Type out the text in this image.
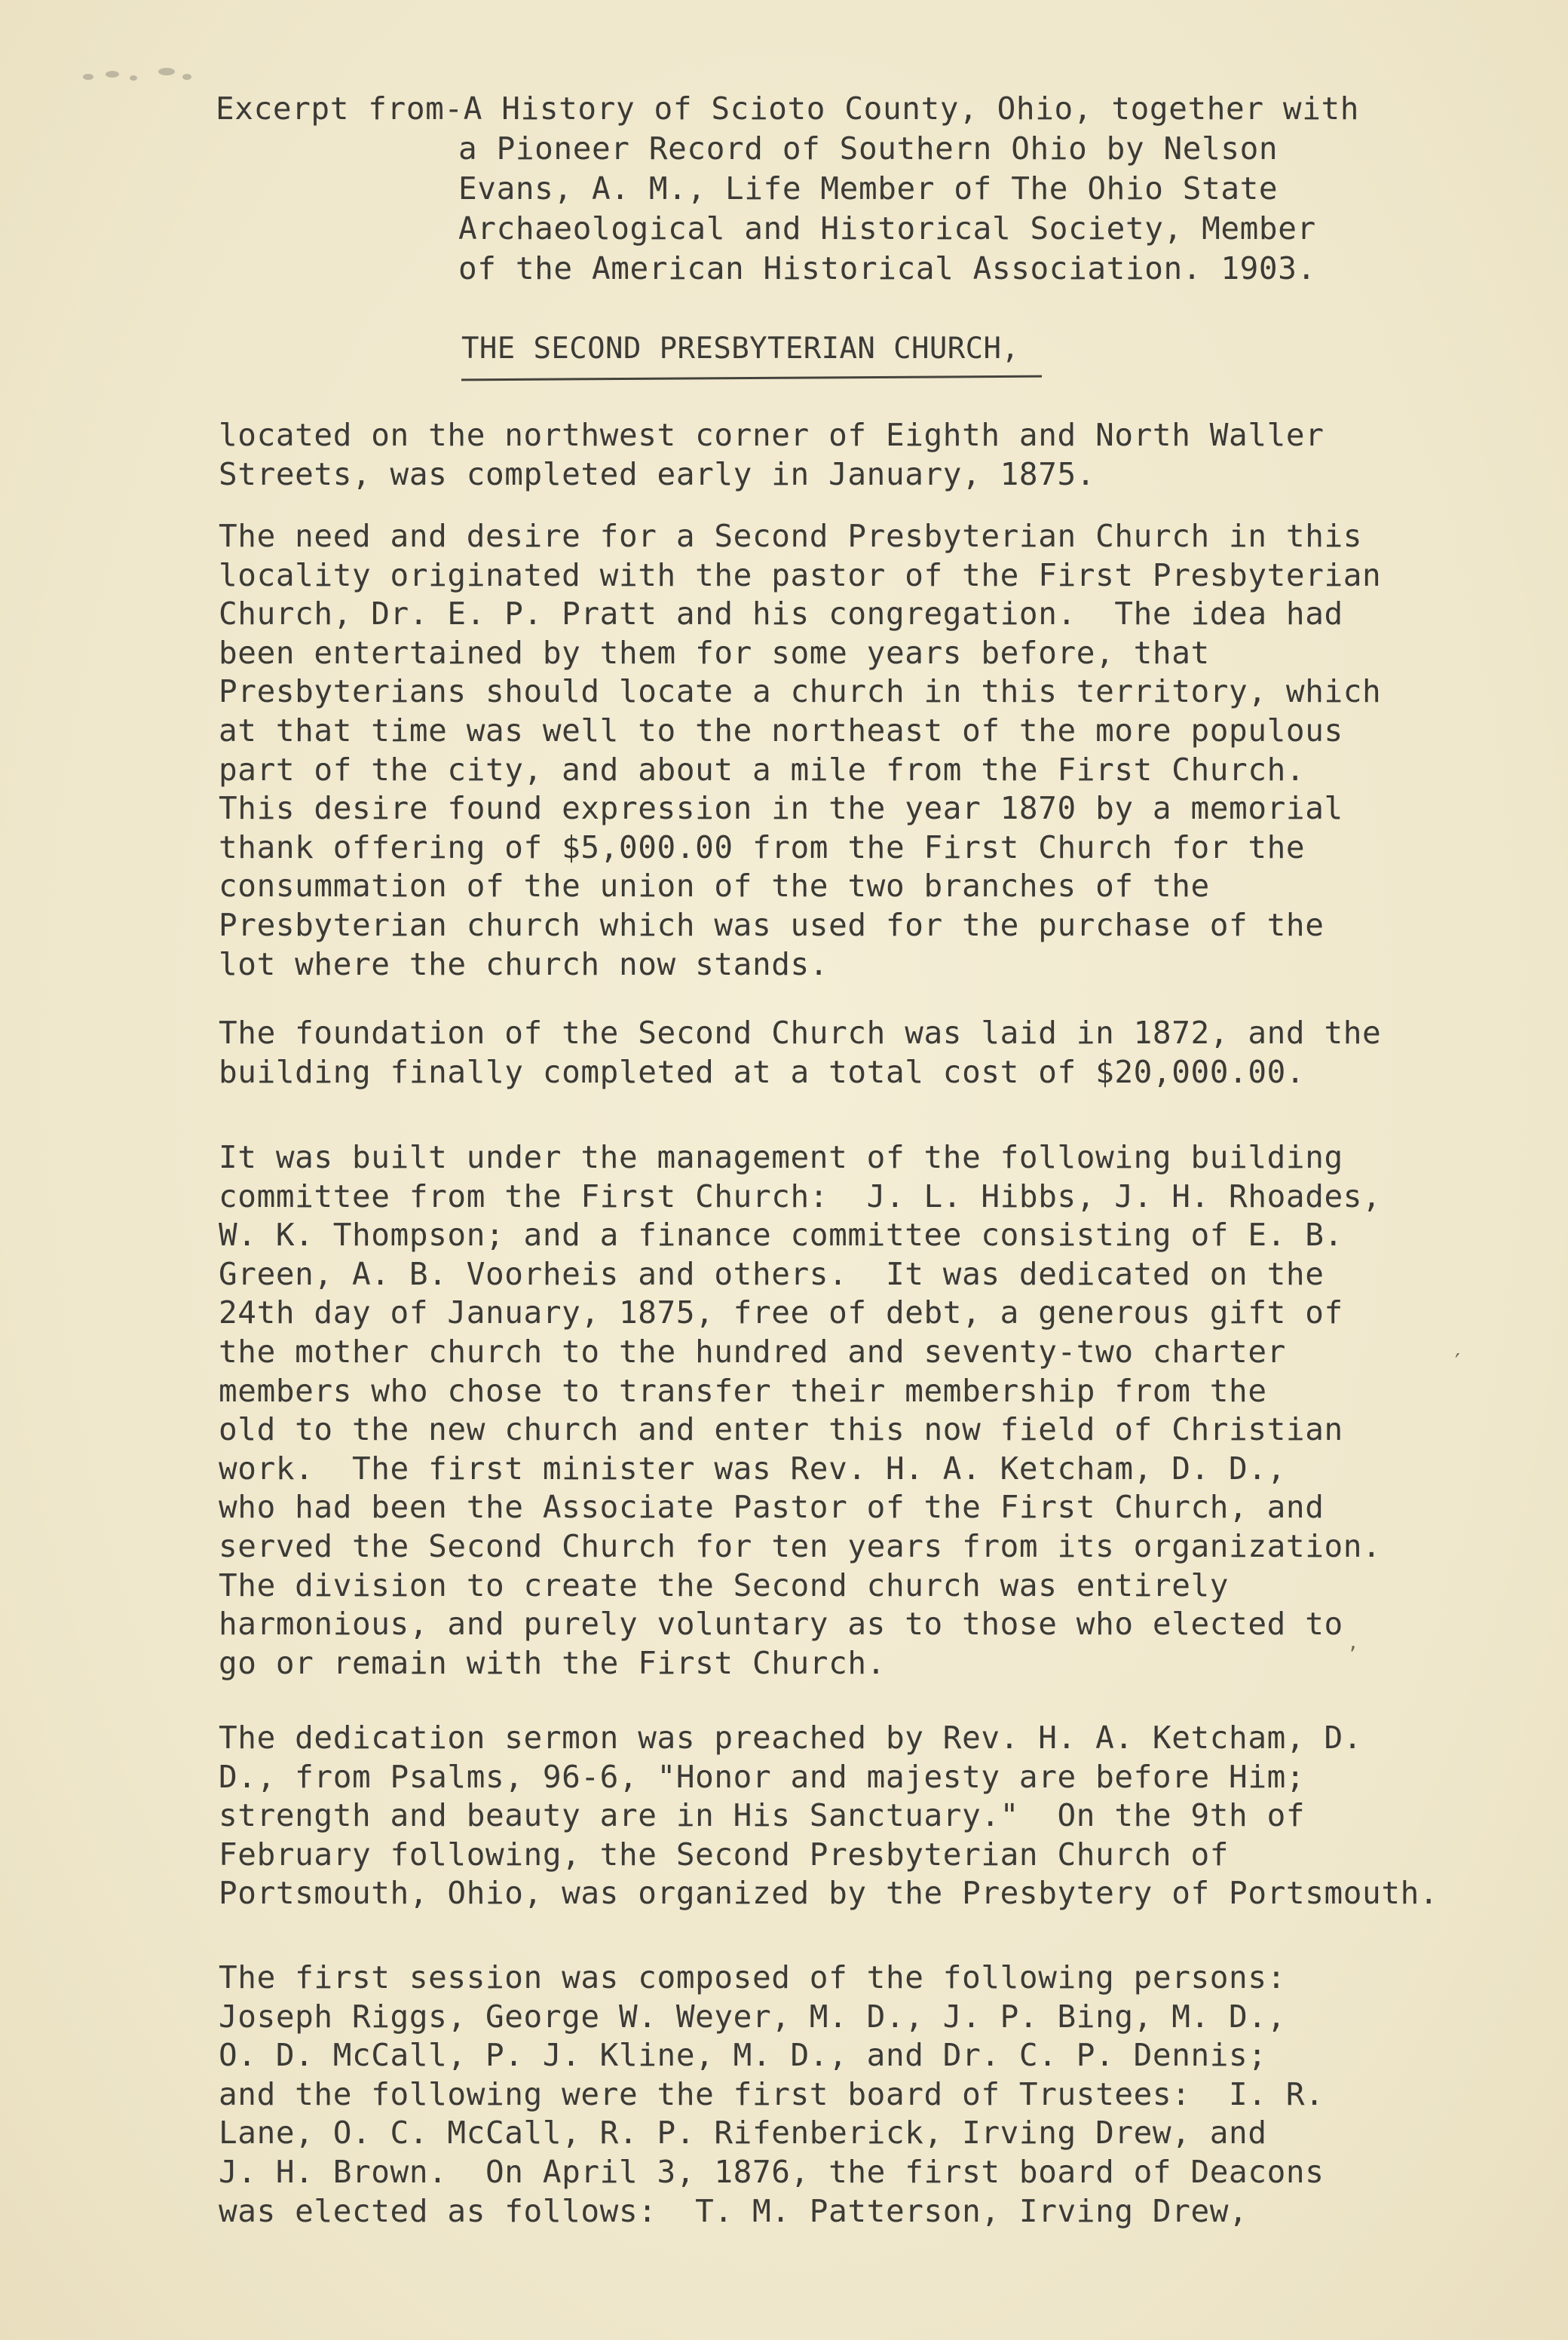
Excerpt from-A History of Scioto County, Ohio, together with
a Pioneer Record of Southern Ohio by Nelson
Evans, A. M., Life Member of The Ohio State
Archaeological and Historical Society, Member
of the American Historical Association. 1903.
THE SECOND PRESBYTERIAN CHURCH,
located on the northwest corner of Eighth and North Waller
Streets, was completed early in January, 1875.
The need and desire for a Second Presbyterian Church in this
locality originated with the pastor of the First Presbyterian
Church, Dr. E. P. Pratt and his congregation.  The idea had
been entertained by them for some years before, that
Presbyterians should locate a church in this territory, which
at that time was well to the northeast of the more populous
part of the city, and about a mile from the First Church.
This desire found expression in the year 1870 by a memorial
thank offering of $5,000.00 from the First Church for the
consummation of the union of the two branches of the
Presbyterian church which was used for the purchase of the
lot where the church now stands.
The foundation of the Second Church was laid in 1872, and the
building finally completed at a total cost of $20,000.00.
It was built under the management of the following building
committee from the First Church:  J. L. Hibbs, J. H. Rhoades,
W. K. Thompson; and a finance committee consisting of E. B.
Green, A. B. Voorheis and others.  It was dedicated on the
24th day of January, 1875, free of debt, a generous gift of
the mother church to the hundred and seventy-two charter
members who chose to transfer their membership from the
old to the new church and enter this now field of Christian
work.  The first minister was Rev. H. A. Ketcham, D. D.,
who had been the Associate Pastor of the First Church, and
served the Second Church for ten years from its organization.
The division to create the Second church was entirely
harmonious, and purely voluntary as to those who elected to
go or remain with the First Church.
The dedication sermon was preached by Rev. H. A. Ketcham, D.
D., from Psalms, 96-6, "Honor and majesty are before Him;
strength and beauty are in His Sanctuary."  On the 9th of
February following, the Second Presbyterian Church of
Portsmouth, Ohio, was organized by the Presbytery of Portsmouth.
The first session was composed of the following persons:
Joseph Riggs, George W. Weyer, M. D., J. P. Bing, M. D.,
O. D. McCall, P. J. Kline, M. D., and Dr. C. P. Dennis;
and the following were the first board of Trustees:  I. R.
Lane, O. C. McCall, R. P. Rifenberick, Irving Drew, and
J. H. Brown.  On April 3, 1876, the first board of Deacons
was elected as follows:  T. M. Patterson, Irving Drew,
′
,
